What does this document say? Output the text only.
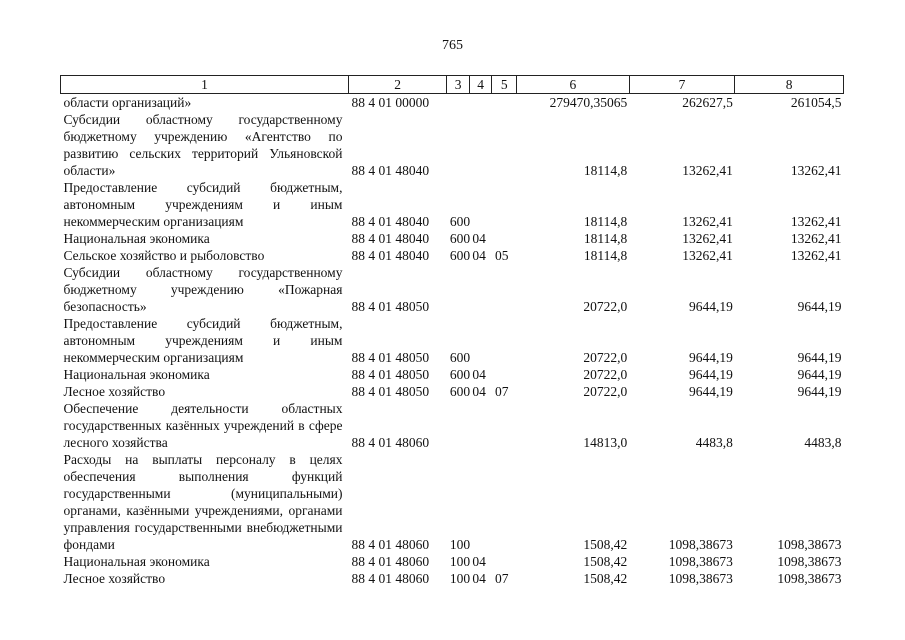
765
1	2	3	4	5	6	7	8
области организаций»	88 4 01 00000				279470,35065	262627,5	261054,5
Субсидии областному государственному бюджетному учреждению «Агентство по развитию сельских территорий Ульяновской области»	88 4 01 48040				18114,8	13262,41	13262,41
Предоставление субсидий бюджетным, автономным учреждениям и иным некоммерческим организациям	88 4 01 48040	600			18114,8	13262,41	13262,41
Национальная экономика	88 4 01 48040	600	04		18114,8	13262,41	13262,41
Сельское хозяйство и рыболовство	88 4 01 48040	600	04	05	18114,8	13262,41	13262,41
Субсидии областному государственному бюджетному учреждению «Пожарная безопасность»	88 4 01 48050				20722,0	9644,19	9644,19
Предоставление субсидий бюджетным, автономным учреждениям и иным некоммерческим организациям	88 4 01 48050	600			20722,0	9644,19	9644,19
Национальная экономика	88 4 01 48050	600	04		20722,0	9644,19	9644,19
Лесное хозяйство	88 4 01 48050	600	04	07	20722,0	9644,19	9644,19
Обеспечение деятельности областных государственных казённых учреждений в сфере лесного хозяйства	88 4 01 48060				14813,0	4483,8	4483,8
Расходы на выплаты персоналу в целях обеспечения выполнения функций государственными (муниципальными) органами, казёнными учреждениями, органами управления государственными внебюджетными фондами	88 4 01 48060	100			1508,42	1098,38673	1098,38673
Национальная экономика	88 4 01 48060	100	04		1508,42	1098,38673	1098,38673
Лесное хозяйство	88 4 01 48060	100	04	07	1508,42	1098,38673	1098,38673
